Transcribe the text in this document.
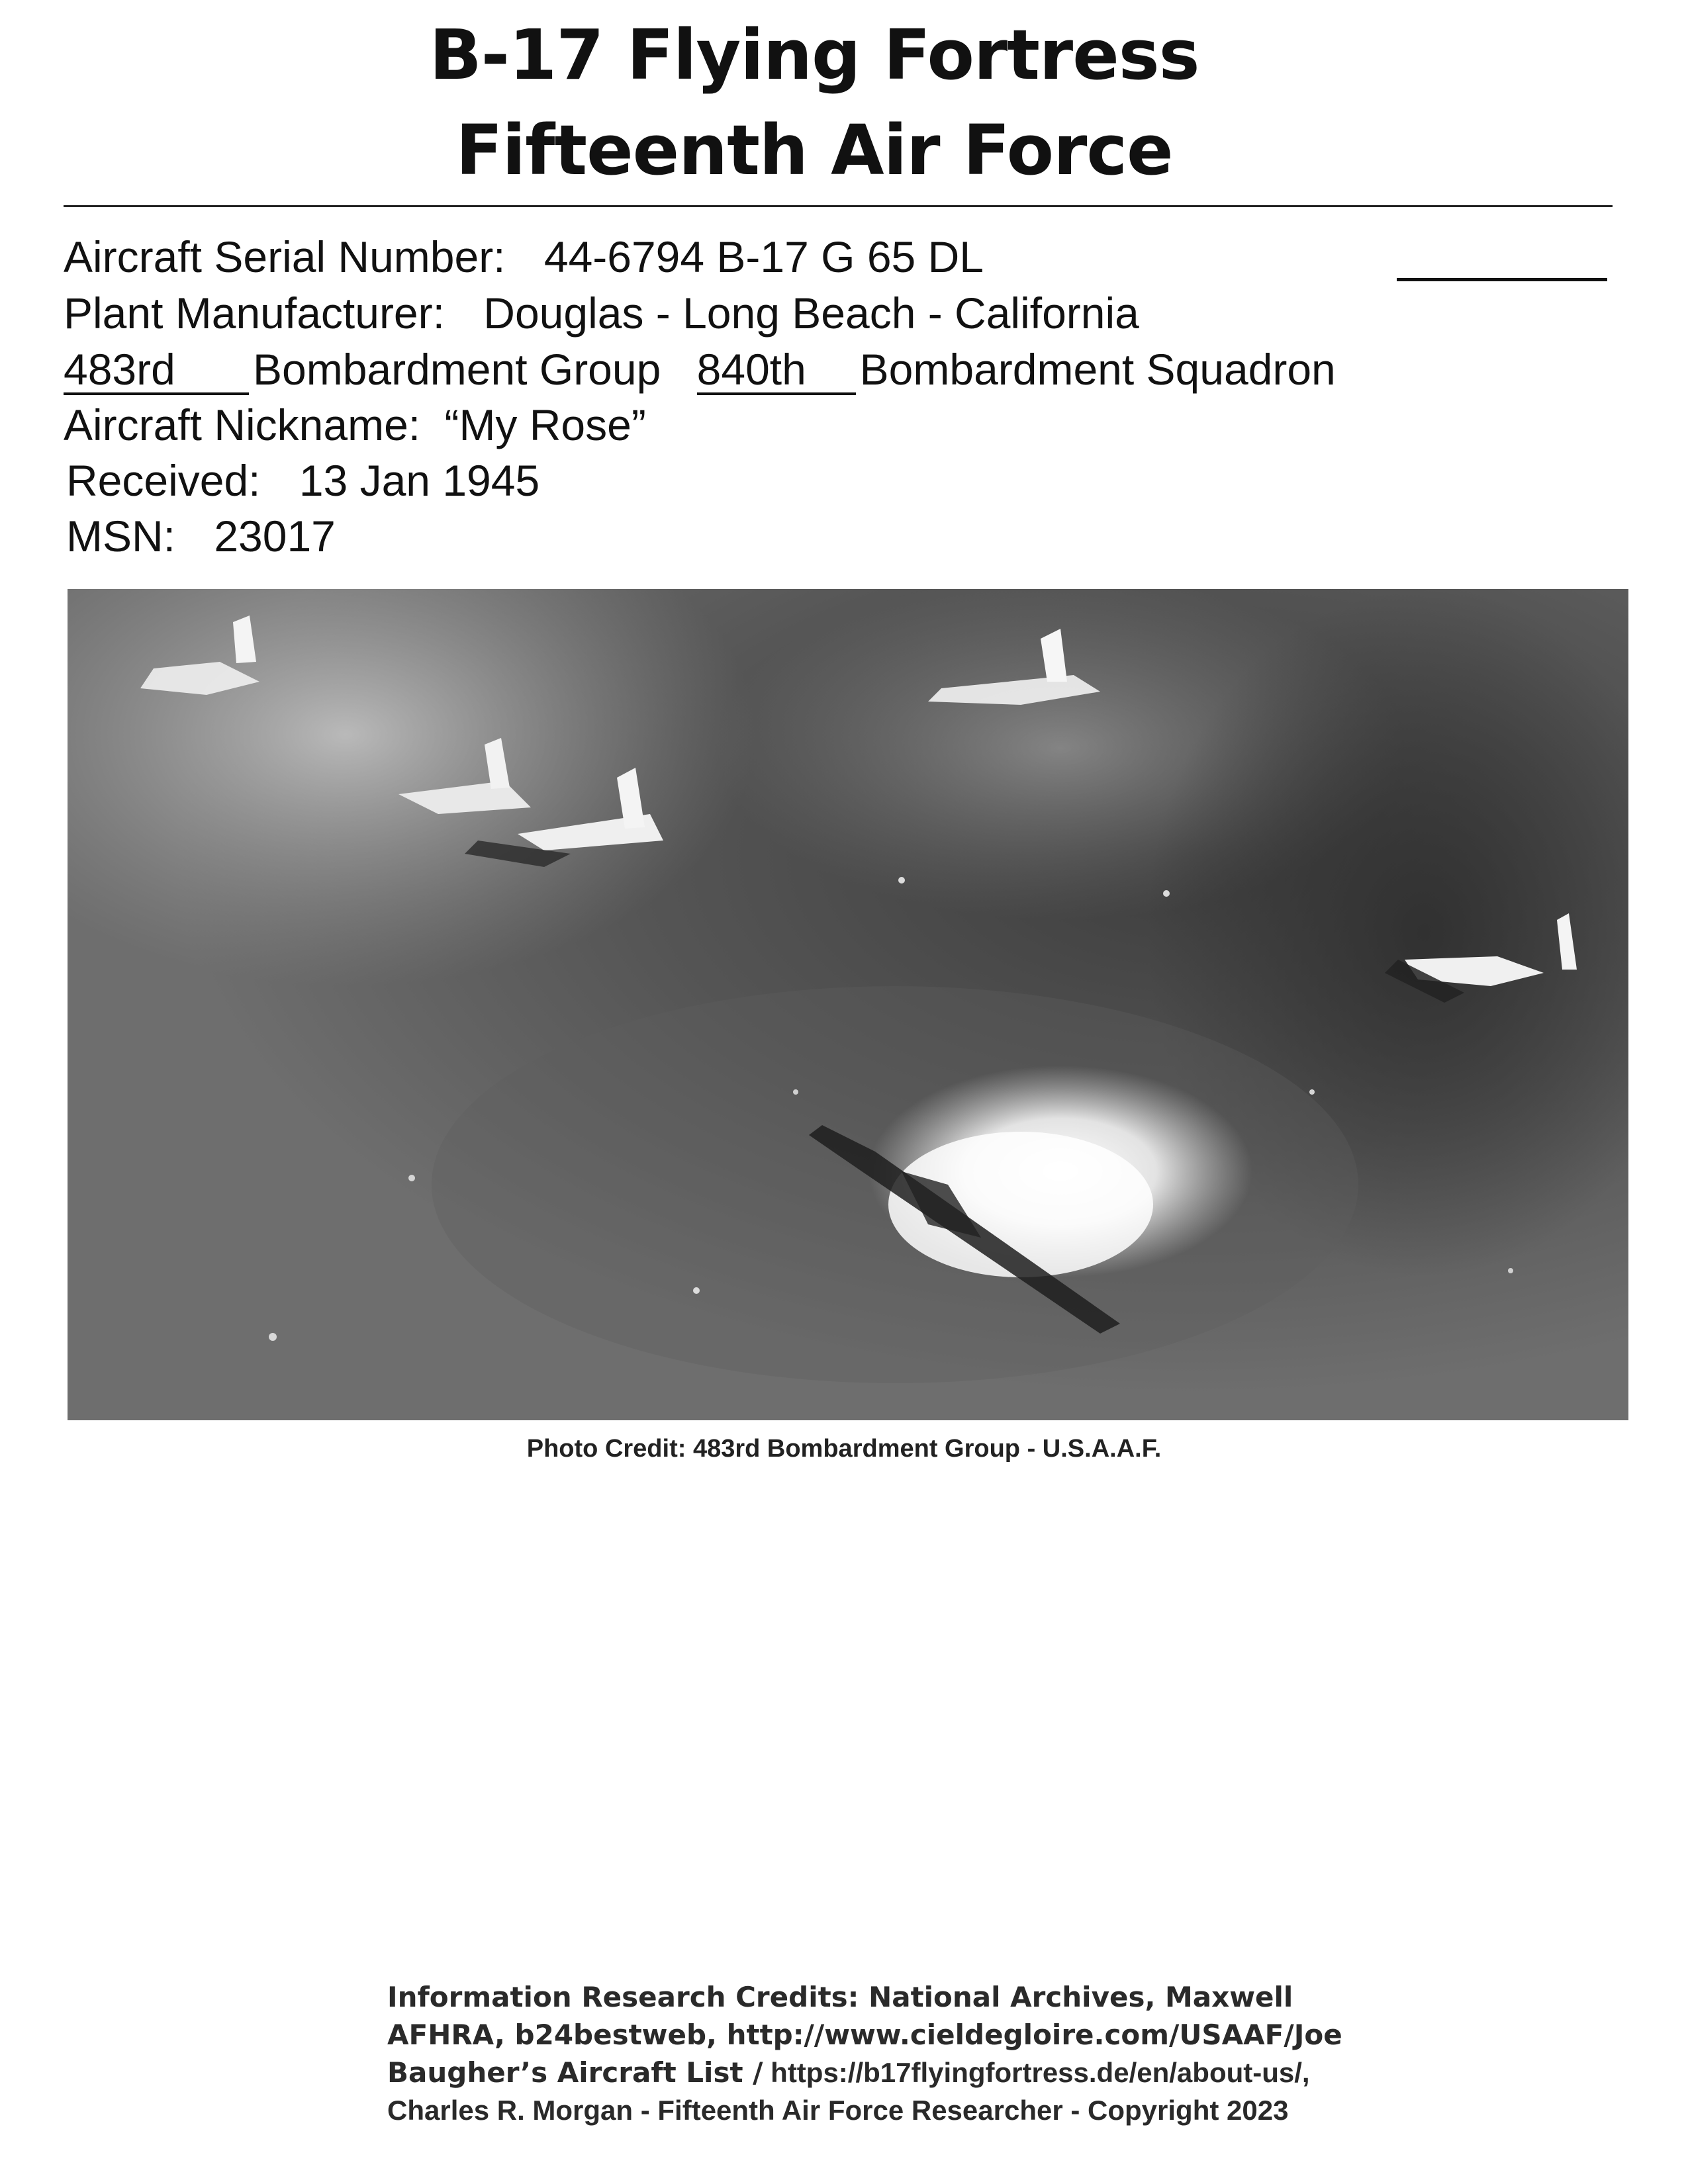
B-17 Flying Fortress
Fifteenth Air Force
Aircraft Serial Number: 44-6794 B-17 G 65 DL
Plant Manufacturer: Douglas - Long Beach - California
483rd Bombardment Group 840th Bombardment Squadron
Aircraft Nickname: “My Rose”
Received: 13 Jan 1945
MSN: 23017
Photo Credit: 483rd Bombardment Group - U.S.A.A.F.
Information Research Credits: National Archives, Maxwell AFHRA, b24bestweb, http://www.cieldegloire.com/USAAF/Joe Baugher’s Aircraft List / https://b17flyingfortress.de/en/about-us/, Charles R. Morgan - Fifteenth Air Force Researcher - Copyright 2023
